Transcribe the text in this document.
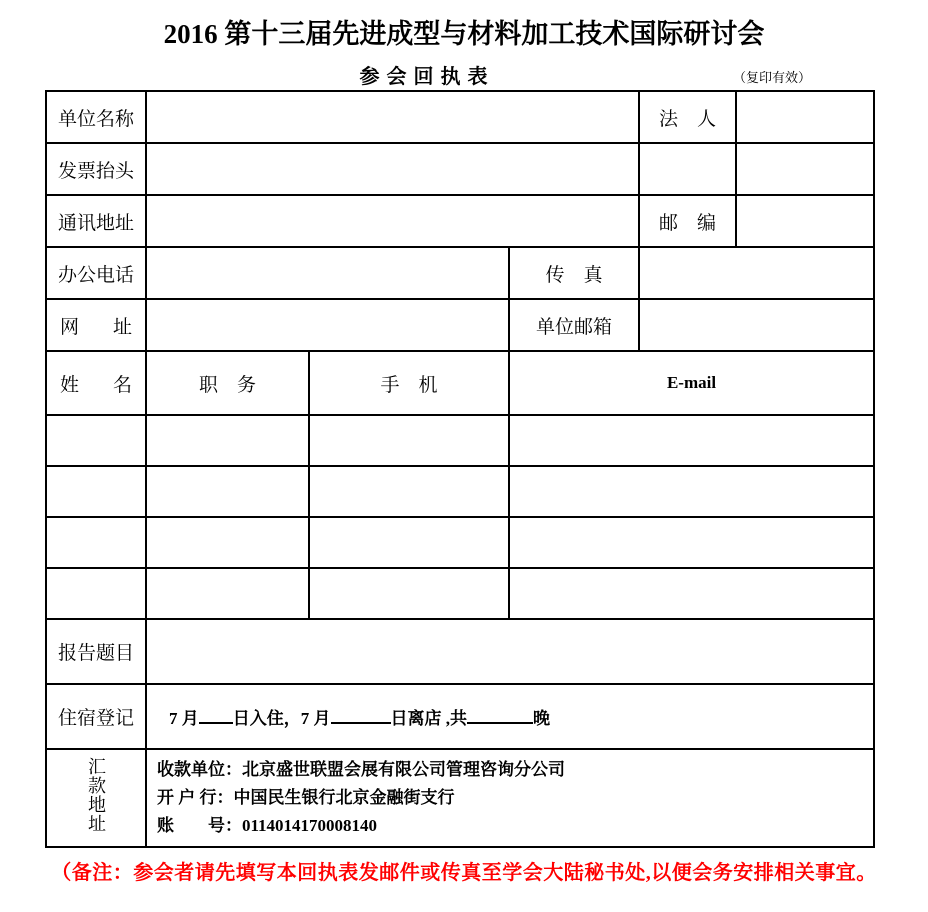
2016 第十三届先进成型与材料加工技术国际研讨会
参 会 回 执 表	（复印有效）
单位名称				法　人	
发票抬头					
通讯地址				邮　编	
办公电话			传　真		
网 址			单位邮箱		
姓 名	职　务	手　机	E-mail		

报告题目					
住宿登记	7 月 日入住，7 月 日离店 ,共 晚				
汇款地址	收款单位：北京盛世联盟会展有限公司管理咨询分公司
开 户 行：中国民生银行北京金融街支行
账　　号：0114014170008140				
（备注：参会者请先填写本回执表发邮件或传真至学会大陆秘书处,以便会务安排相关事宜。
